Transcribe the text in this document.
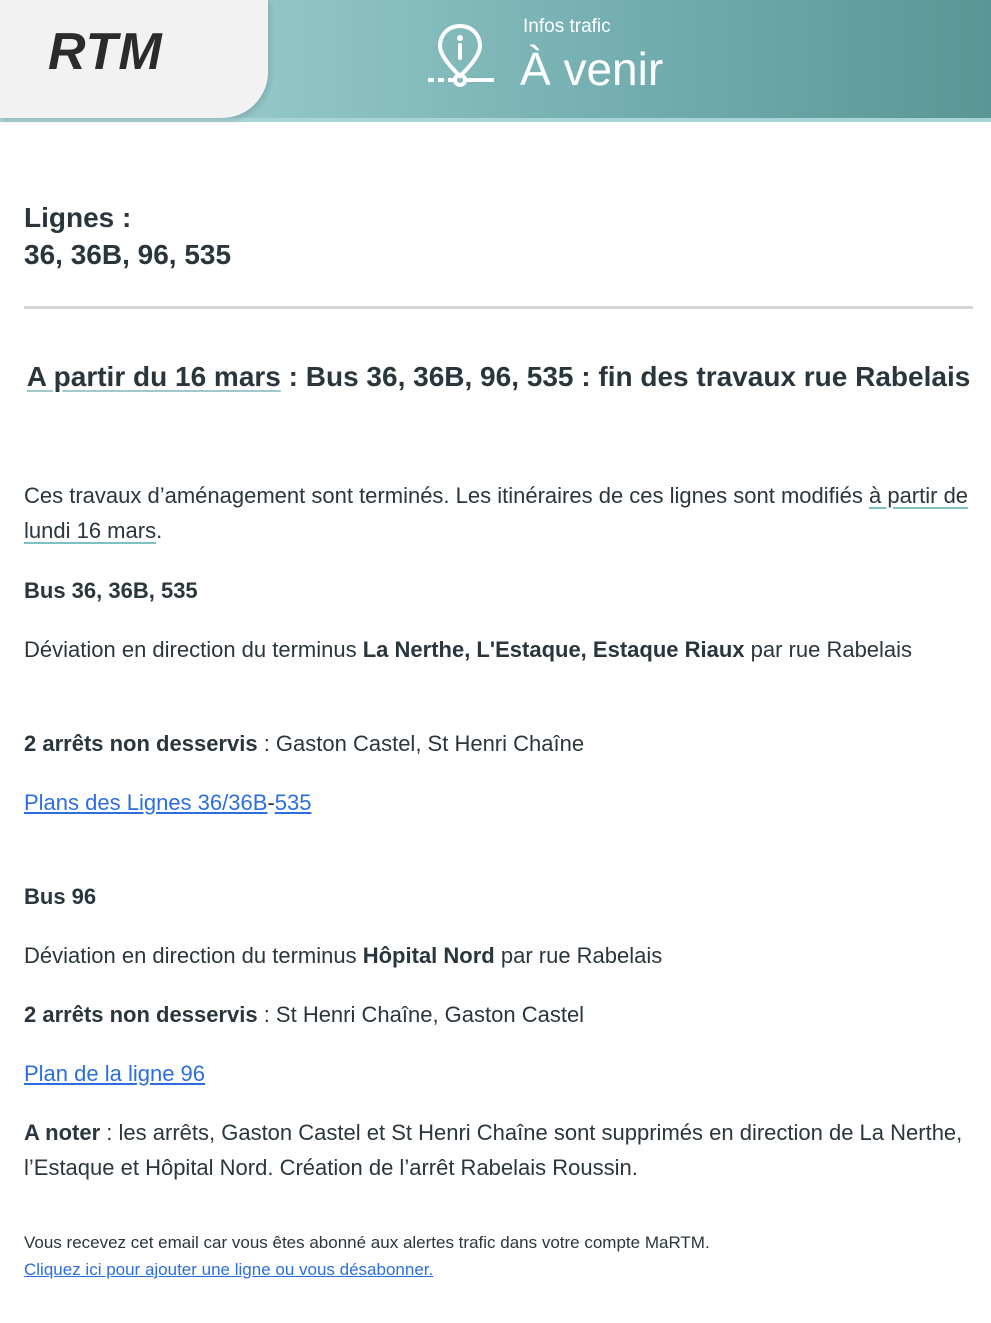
RTM	Infos trafic
À venir
Lignes :
36, 36B, 96, 535
A partir du 16 mars : Bus 36, 36B, 96, 535 : fin des travaux rue Rabelais
Ces travaux d’aménagement sont terminés. Les itinéraires de ces lignes sont modifiés à partir de lundi 16 mars.
Bus 36, 36B, 535
Déviation en direction du terminus La Nerthe, L'Estaque, Estaque Riaux par rue Rabelais
2 arrêts non desservis : Gaston Castel, St Henri Chaîne
Plans des Lignes 36/36B-535
Bus 96
Déviation en direction du terminus Hôpital Nord par rue Rabelais
2 arrêts non desservis : St Henri Chaîne, Gaston Castel
Plan de la ligne 96
A noter : les arrêts, Gaston Castel et St Henri Chaîne sont supprimés en direction de La Nerthe, l’Estaque et Hôpital Nord. Création de l’arrêt Rabelais Roussin.
Vous recevez cet email car vous êtes abonné aux alertes trafic dans votre compte MaRTM.
Cliquez ici pour ajouter une ligne ou vous désabonner.
